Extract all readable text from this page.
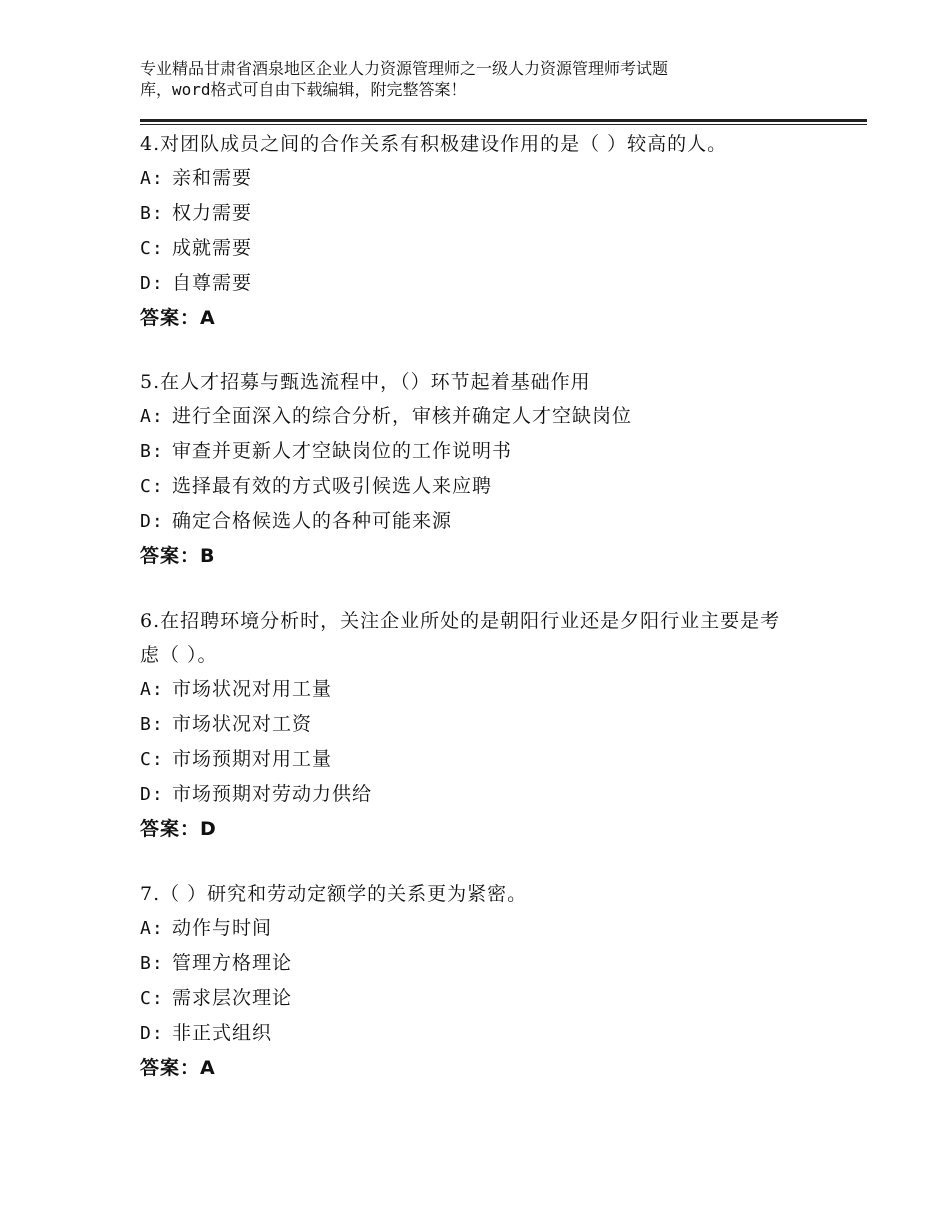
专业精品甘肃省酒泉地区企业人力资源管理师之一级人力资源管理师考试题
库，word格式可自由下载编辑，附完整答案！

4.对团队成员之间的合作关系有积极建设作用的是（ ）较高的人。

A: 亲和需要

B: 权力需要

C: 成就需要

D: 自尊需要

答案：A

5.在人才招募与甄选流程中，（）环节起着基础作用

A: 进行全面深入的综合分析，审核并确定人才空缺岗位

B: 审查并更新人才空缺岗位的工作说明书

C: 选择最有效的方式吸引候选人来应聘

D: 确定合格候选人的各种可能来源

答案：B

6.在招聘环境分析时，关注企业所处的是朝阳行业还是夕阳行业主要是考虑（ ）。

A: 市场状况对用工量

B: 市场状况对工资

C: 市场预期对用工量

D: 市场预期对劳动力供给

答案：D

7.（ ）研究和劳动定额学的关系更为紧密。

A: 动作与时间

B: 管理方格理论

C: 需求层次理论

D: 非正式组织

答案：A
